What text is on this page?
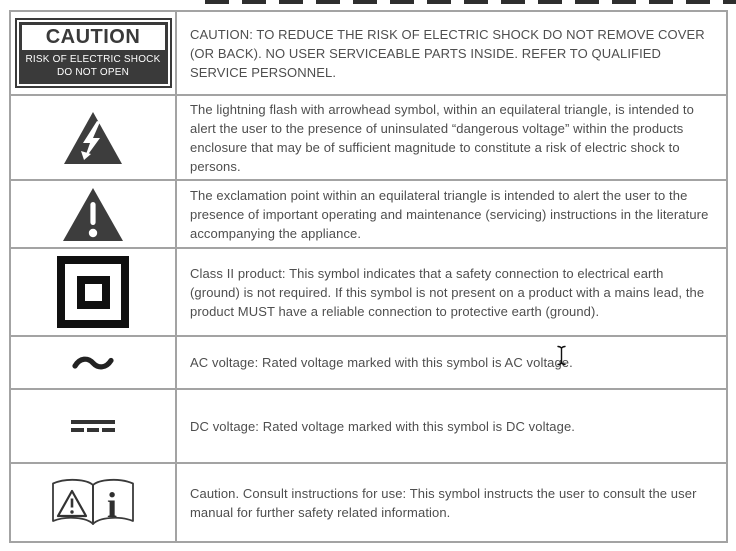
CAUTION
RISK OF ELECTRIC SHOCK
DO NOT OPEN
CAUTION: TO REDUCE THE RISK OF ELECTRIC SHOCK DO NOT REMOVE COVER (OR BACK). NO USER SERVICEABLE PARTS INSIDE. REFER TO QUALIFIED SERVICE PERSONNEL.
The lightning flash with arrowhead symbol, within an equilateral triangle, is intended to alert the user to the presence of uninsulated “dangerous voltage” within the products enclosure that may be of sufficient magnitude to constitute a risk of electric shock to persons.
The exclamation point within an equilateral triangle is intended to alert the user to the presence of important operating and maintenance (servicing) instructions in the literature accompanying the appliance.
Class II product: This symbol indicates that a safety connection to electrical earth (ground) is not required. If this symbol is not present on a product with a mains lead, the product MUST have a reliable connection to protective earth (ground).
AC voltage: Rated voltage marked with this symbol is AC voltage.
DC voltage: Rated voltage marked with this symbol is DC voltage.
i	Caution. Consult instructions for use: This symbol instructs the user to consult the user manual for further safety related information.
